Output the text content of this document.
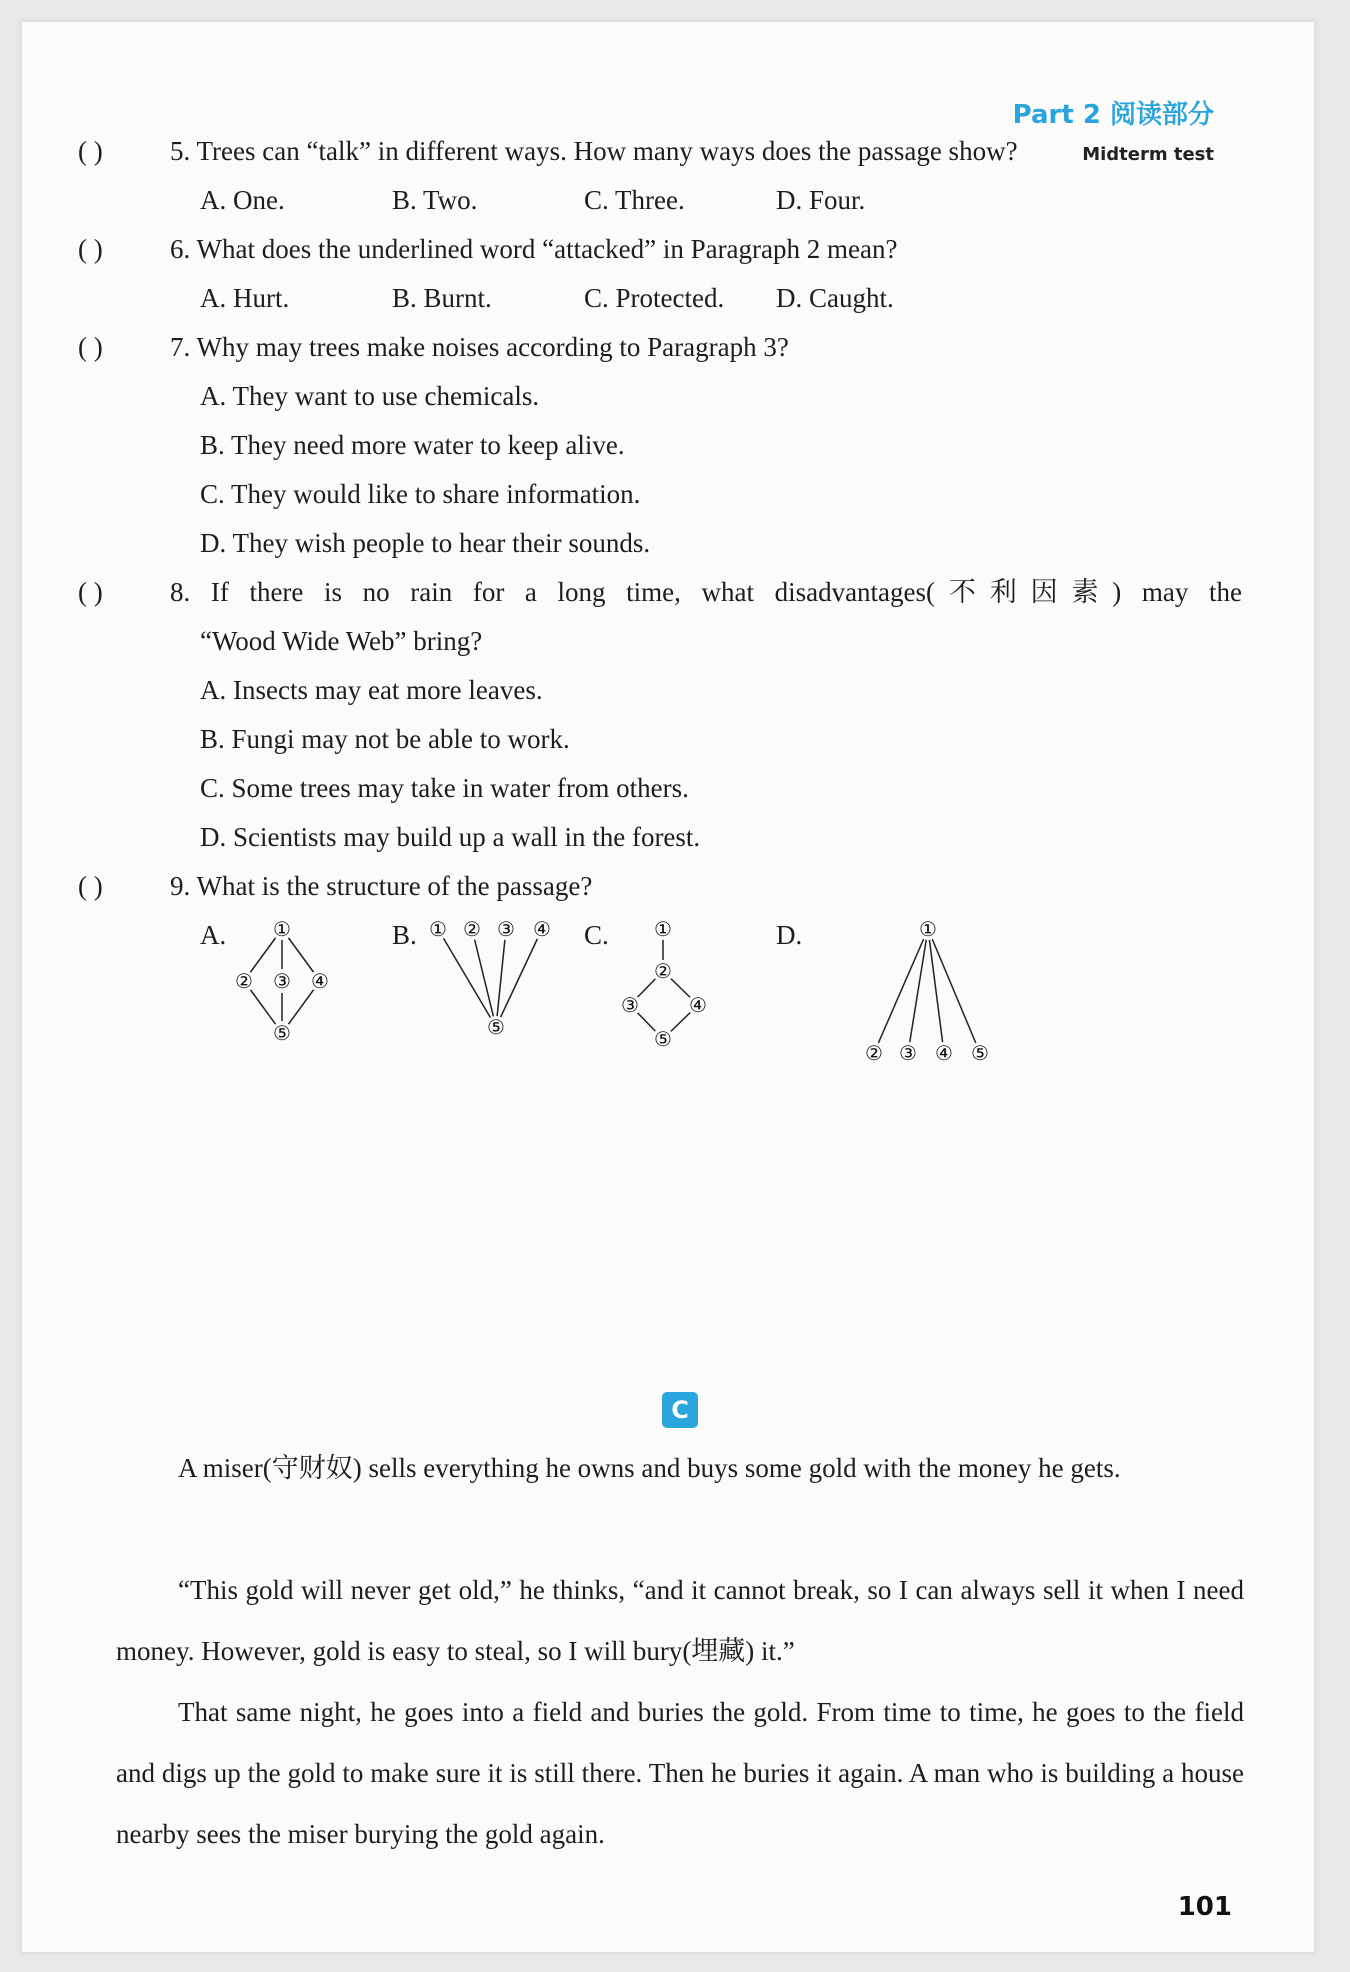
Part 2 阅读部分
Midterm test
( ) 5. Trees can “talk” in different ways. How many ways does the passage show?
A. One.	B. Two.	C. Three.	D. Four.
( ) 6. What does the underlined word “attacked” in Paragraph 2 mean?
A. Hurt.	B. Burnt.	C. Protected. D. Caught.
( ) 7. Why may trees make noises according to Paragraph 3?
A. They want to use chemicals.
B. They need more water to keep alive.
C. They would like to share information.
D. They wish people to hear their sounds.
( ) 8. If there is no rain for a long time, what disadvantages(不利因素) may the
“Wood Wide Web” bring?
A. Insects may eat more leaves.
B. Fungi may not be able to work.
C. Some trees may take in water from others.
D. Scientists may build up a wall in the forest.
( ) 9. What is the structure of the passage?
A.	B.	C.	D.
①
② ③ ④
⑤
① ② ③ ④
⑤
①
②
③	④
⑤
①
② ③ ④ ⑤
C

A miser(守财奴) sells everything he owns and buys some gold with the money he gets.

“This gold will never get old,” he thinks, “and it cannot break, so I can always sell it when I need money. However, gold is easy to steal, so I will bury(埋藏) it.”

That same night, he goes into a field and buries the gold. From time to time, he goes to the field and digs up the gold to make sure it is still there. Then he buries it again. A man who is building a house nearby sees the miser burying the gold again.

101
